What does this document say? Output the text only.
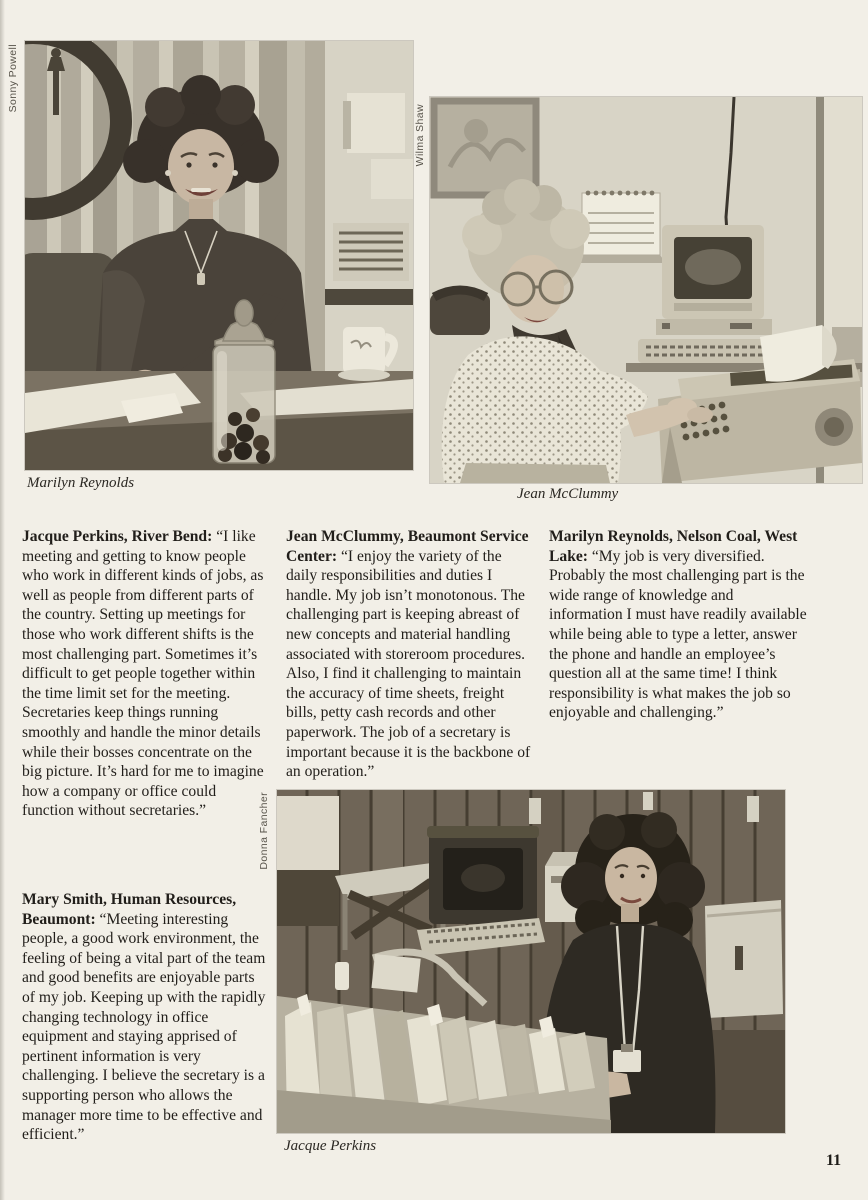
Sonny Powell
Marilyn Reynolds
Wilma Shaw
Jean McClummy
Jacque Perkins, River Bend: “I like meeting and getting to know people who work in different kinds of jobs, as well as people from different parts of the country. Setting up meetings for those who work different shifts is the most challenging part. Sometimes it’s difficult to get people together within the time limit set for the meeting. Secretaries keep things running smoothly and handle the minor details while their bosses concentrate on the big picture. It’s hard for me to imagine how a company or office could function without secretaries.”
Jean McClummy, Beaumont Service Center: “I enjoy the variety of the daily responsibilities and duties I handle. My job isn’t monotonous. The challenging part is keeping abreast of new concepts and material handling associated with storeroom procedures. Also, I find it challenging to maintain the accuracy of time sheets, freight bills, petty cash records and other paperwork. The job of a secretary is important because it is the backbone of an operation.”
Marilyn Reynolds, Nelson Coal, West Lake: “My job is very diversified. Probably the most challenging part is the wide range of knowledge and information I must have readily available while being able to type a letter, answer the phone and handle an employee’s question all at the same time! I think responsibility is what makes the job so enjoyable and challenging.”
Mary Smith, Human Resources, Beaumont: “Meeting interesting people, a good work environment, the feeling of being a vital part of the team and good benefits are enjoyable parts of my job. Keeping up with the rapidly changing technology in office equipment and staying apprised of pertinent information is very challenging. I believe the secretary is a supporting person who allows the manager more time to be effective and efficient.”
Donna Fancher
Jacque Perkins
11
